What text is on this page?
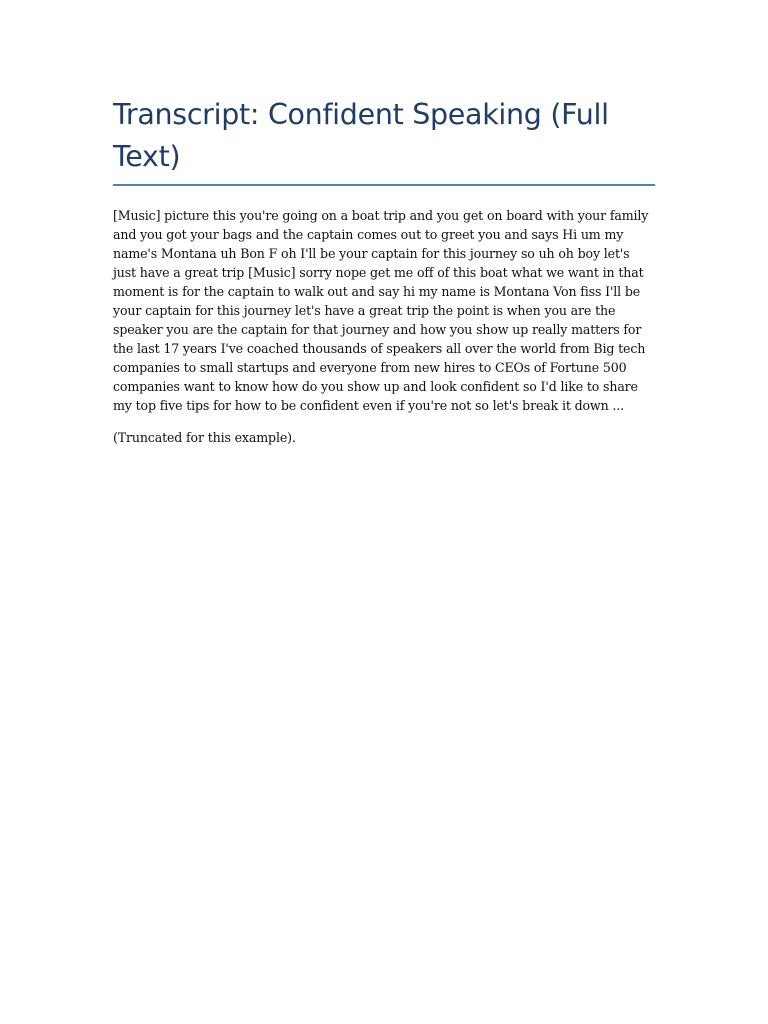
Transcript: Confident Speaking (Full Text)

[Music] picture this you're going on a boat trip and you get on board with your family and you got your bags and the captain comes out to greet you and says Hi um my name's Montana uh Bon F oh I'll be your captain for this journey so uh oh boy let's just have a great trip [Music] sorry nope get me off of this boat what we want in that moment is for the captain to walk out and say hi my name is Montana Von fiss I'll be your captain for this journey let's have a great trip the point is when you are the speaker you are the captain for that journey and how you show up really matters for the last 17 years I've coached thousands of speakers all over the world from Big tech companies to small startups and everyone from new hires to CEOs of Fortune 500 companies want to know how do you show up and look confident so I'd like to share my top five tips for how to be confident even if you're not so let's break it down ...

(Truncated for this example).
